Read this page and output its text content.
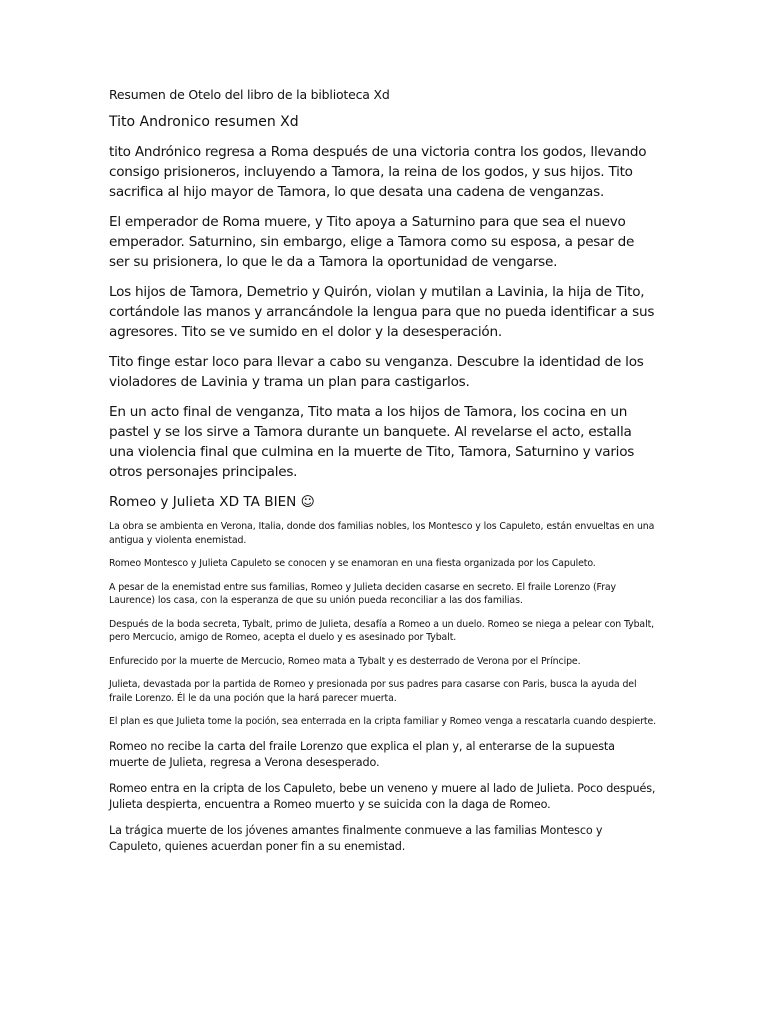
Resumen de Otelo del libro de la biblioteca Xd

Tito Andronico resumen Xd

tito Andrónico regresa a Roma después de una victoria contra los godos, llevando consigo prisioneros, incluyendo a Tamora, la reina de los godos, y sus hijos. Tito sacrifica al hijo mayor de Tamora, lo que desata una cadena de venganzas.

El emperador de Roma muere, y Tito apoya a Saturnino para que sea el nuevo emperador. Saturnino, sin embargo, elige a Tamora como su esposa, a pesar de ser su prisionera, lo que le da a Tamora la oportunidad de vengarse.

Los hijos de Tamora, Demetrio y Quirón, violan y mutilan a Lavinia, la hija de Tito, cortándole las manos y arrancándole la lengua para que no pueda identificar a sus agresores. Tito se ve sumido en el dolor y la desesperación.

Tito finge estar loco para llevar a cabo su venganza. Descubre la identidad de los violadores de Lavinia y trama un plan para castigarlos.

En un acto final de venganza, Tito mata a los hijos de Tamora, los cocina en un pastel y se los sirve a Tamora durante un banquete. Al revelarse el acto, estalla una violencia final que culmina en la muerte de Tito, Tamora, Saturnino y varios otros personajes principales.

Romeo y Julieta XD TA BIEN ☺

La obra se ambienta en Verona, Italia, donde dos familias nobles, los Montesco y los Capuleto, están envueltas en una antigua y violenta enemistad.

Romeo Montesco y Julieta Capuleto se conocen y se enamoran en una fiesta organizada por los Capuleto.

A pesar de la enemistad entre sus familias, Romeo y Julieta deciden casarse en secreto. El fraile Lorenzo (Fray Laurence) los casa, con la esperanza de que su unión pueda reconciliar a las dos familias.

Después de la boda secreta, Tybalt, primo de Julieta, desafía a Romeo a un duelo. Romeo se niega a pelear con Tybalt, pero Mercucio, amigo de Romeo, acepta el duelo y es asesinado por Tybalt.

Enfurecido por la muerte de Mercucio, Romeo mata a Tybalt y es desterrado de Verona por el Príncipe.

Julieta, devastada por la partida de Romeo y presionada por sus padres para casarse con Paris, busca la ayuda del fraile Lorenzo. Él le da una poción que la hará parecer muerta.

El plan es que Julieta tome la poción, sea enterrada en la cripta familiar y Romeo venga a rescatarla cuando despierte.

Romeo no recibe la carta del fraile Lorenzo que explica el plan y, al enterarse de la supuesta muerte de Julieta, regresa a Verona desesperado.

Romeo entra en la cripta de los Capuleto, bebe un veneno y muere al lado de Julieta. Poco después, Julieta despierta, encuentra a Romeo muerto y se suicida con la daga de Romeo.

La trágica muerte de los jóvenes amantes finalmente conmueve a las familias Montesco y Capuleto, quienes acuerdan poner fin a su enemistad.
